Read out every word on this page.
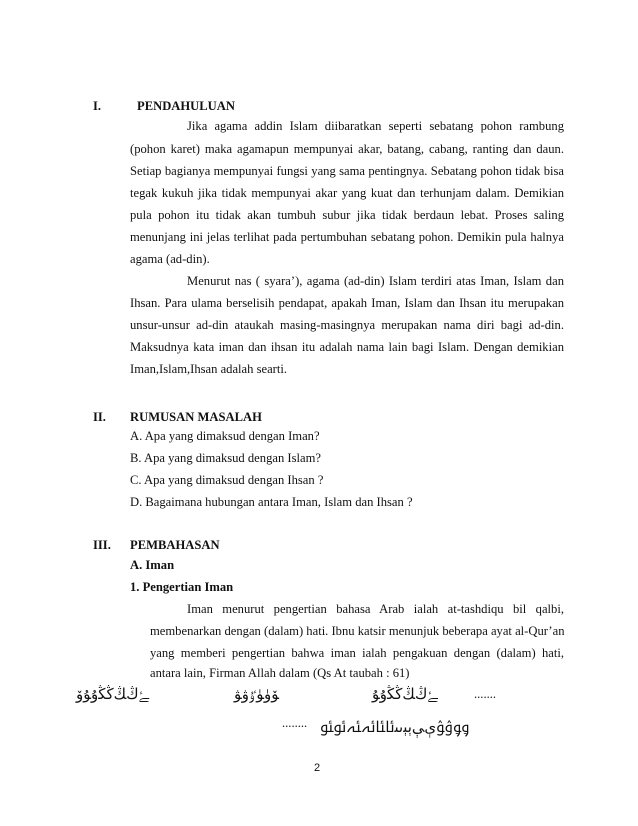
I.	PENDAHULUAN
Jika agama addin Islam diibaratkan seperti sebatang pohon rambung
(pohon karet) maka agamapun mempunyai akar, batang, cabang, ranting dan daun.
Setiap bagianya mempunyai fungsi yang sama pentingnya. Sebatang pohon tidak bisa
tegak kukuh jika tidak mempunyai akar yang kuat dan terhunjam dalam. Demikian
pula pohon itu tidak akan tumbuh subur jika tidak berdaun lebat. Proses saling
menunjang ini jelas terlihat pada pertumbuhan sebatang pohon. Demikin pula halnya
agama (ad-din).
Menurut nas ( syara’), agama (ad-din) Islam terdiri atas Iman, Islam dan
Ihsan. Para ulama berselisih pendapat, apakah Iman, Islam dan Ihsan itu merupakan
unsur-unsur ad-din ataukah masing-masingnya merupakan nama diri bagi ad-din.
Maksudnya kata iman dan ihsan itu adalah nama lain bagi Islam. Dengan demikian
Iman,Islam,Ihsan adalah searti.
II. RUMUSAN MASALAH
A. Apa yang dimaksud dengan Iman?
B. Apa yang dimaksud dengan Islam?
C. Apa yang dimaksud dengan Ihsan ?
D. Bagaimana hubungan antara Iman, Islam dan Ihsan ?
III. PEMBAHASAN
A. Iman
1. Pengertian Iman
Iman menurut pengertian bahasa Arab ialah at-tashdiqu bil qalbi,
membenarkan dengan (dalam) hati. Ibnu katsir menunjuk beberapa ayat al-Qur’an
yang memberi pengertian bahwa iman ialah pengakuan dengan (dalam) hati,
antara lain, Firman Allah dalam (Qs At taubah : 61)
ﮱﯓﯔﯕﯖﯗﯘﯙ	ﯚﯛﯜﯝﯞﯟ	ﮱﯓﯔﯕﯖﯗﯘ	.......
........ ﯠﯡﯢﯣﯤﯥﯦﯧﯨﯩﯪﯫﯬﯭﯮﯯ
2
